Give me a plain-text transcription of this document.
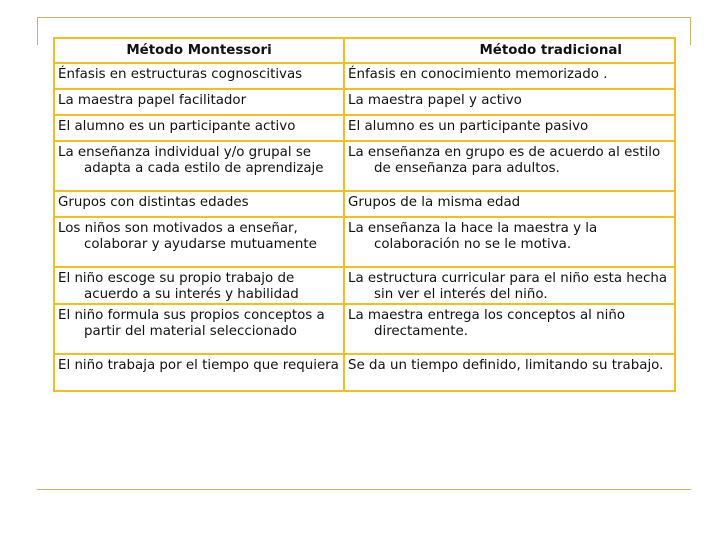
Método Montessori	Método tradicional

Énfasis en estructuras cognoscitivas	Énfasis en conocimiento memorizado .

La maestra papel facilitador	La maestra papel y activo

El alumno es un participante activo	El alumno es un participante pasivo

La enseñanza individual y/o grupal se adapta a cada estilo de aprendizaje	La enseñanza en grupo es de acuerdo al estilo de enseñanza para adultos.

Grupos con distintas edades	Grupos de la misma edad

Los niños son motivados a enseñar, colaborar y ayudarse mutuamente	La enseñanza la hace la maestra y la colaboración no se le motiva.

El niño escoge su propio trabajo de acuerdo a su interés y habilidad	La estructura curricular para el niño esta hecha sin ver el interés del niño.

El niño formula sus propios conceptos a partir del material seleccionado	La maestra entrega los conceptos al niño directamente.

El niño trabaja por el tiempo que requiera	Se da un tiempo definido, limitando su trabajo.
